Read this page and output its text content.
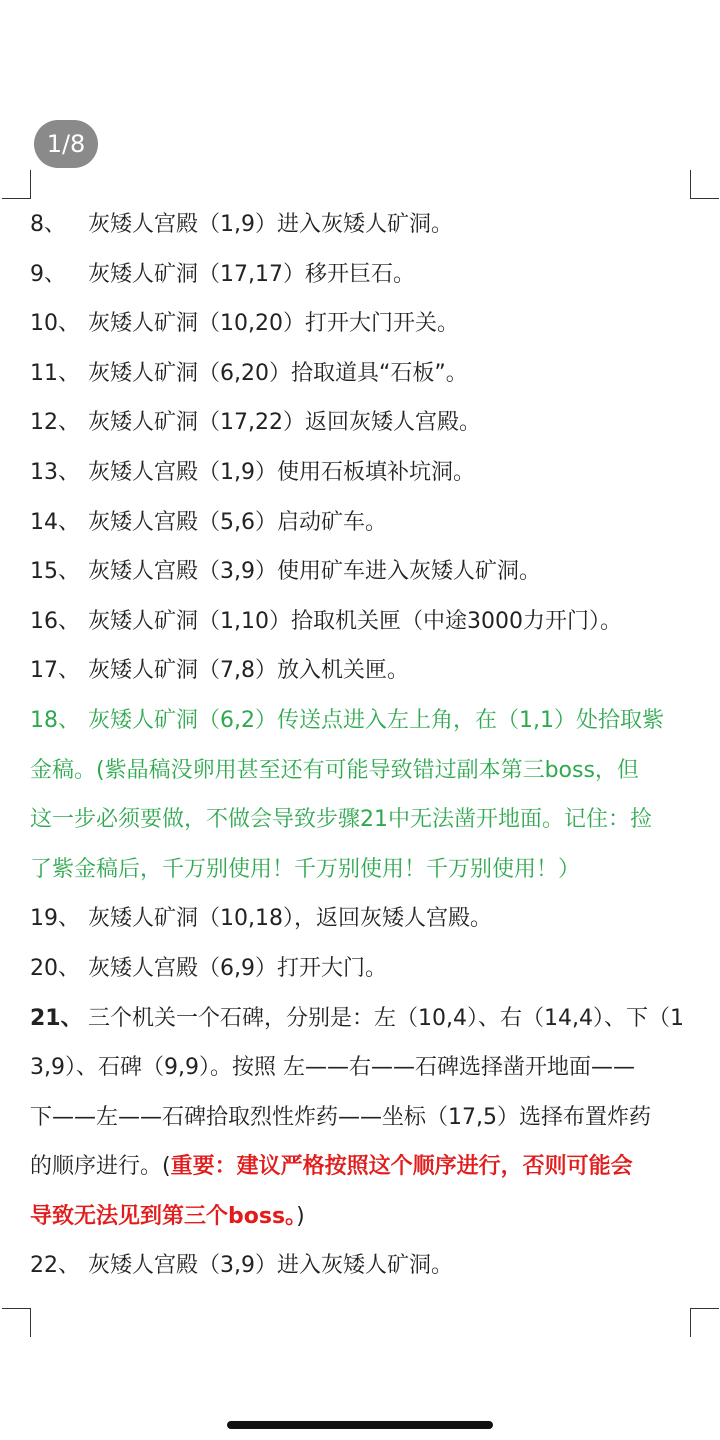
1/8
8、 灰矮人宫殿（1,9）进入灰矮人矿洞。
9、 灰矮人矿洞（17,17）移开巨石。
10、 灰矮人矿洞（10,20）打开大门开关。
11、 灰矮人矿洞（6,20）拾取道具“石板”。
12、 灰矮人矿洞（17,22）返回灰矮人宫殿。
13、 灰矮人宫殿（1,9）使用石板填补坑洞。
14、 灰矮人宫殿（5,6）启动矿车。
15、 灰矮人宫殿（3,9）使用矿车进入灰矮人矿洞。
16、 灰矮人矿洞（1,10）拾取机关匣（中途3000力开门）。
17、 灰矮人矿洞（7,8）放入机关匣。
18、 灰矮人矿洞（6,2）传送点进入左上角，在（1,1）处拾取紫
金稿。(紫晶稿没卵用甚至还有可能导致错过副本第三boss，但
这一步必须要做，不做会导致步骤21中无法凿开地面。记住：捡
了紫金稿后，千万别使用！千万别使用！千万别使用！）
19、 灰矮人矿洞（10,18），返回灰矮人宫殿。
20、 灰矮人宫殿（6,9）打开大门。
21、 三个机关一个石碑，分别是：左（10,4）、右（14,4）、下（1
3,9）、石碑（9,9）。按照 左——右——石碑选择凿开地面——
下——左——石碑拾取烈性炸药——坐标（17,5）选择布置炸药
的顺序进行。(重要：建议严格按照这个顺序进行，否则可能会
导致无法见到第三个boss。)
22、 灰矮人宫殿（3,9）进入灰矮人矿洞。
